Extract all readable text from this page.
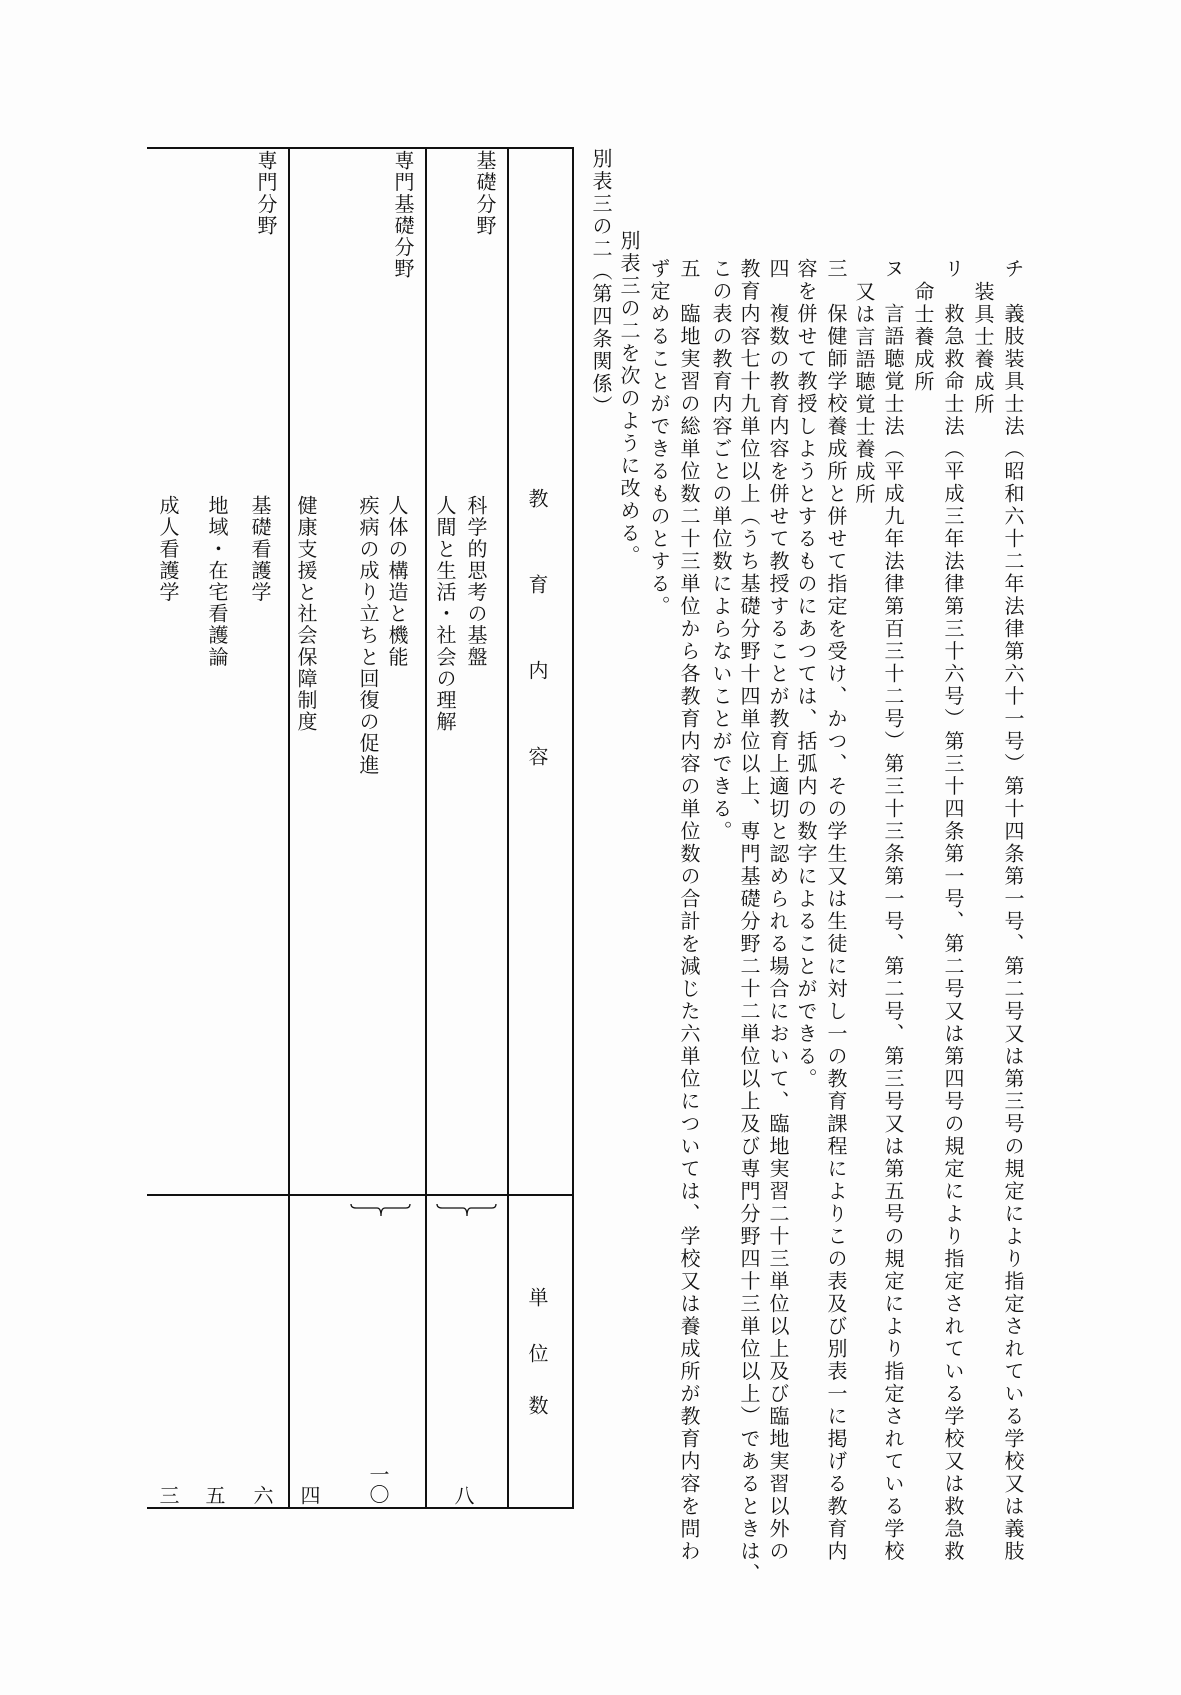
チ　義肢装具士法（昭和六十二年法律第六十一号）第十四条第一号、第二号又は第三号の規定により指定されている学校又は義肢
装具士養成所
リ　救急救命士法（平成三年法律第三十六号）第三十四条第一号、第二号又は第四号の規定により指定されている学校又は救急救
命士養成所
ヌ　言語聴覚士法（平成九年法律第百三十二号）第三十三条第一号、第二号、第三号又は第五号の規定により指定されている学校
又は言語聴覚士養成所
三　保健師学校養成所と併せて指定を受け、かつ、その学生又は生徒に対し一の教育課程によりこの表及び別表一に掲げる教育内
容を併せて教授しようとするものにあつては、括弧内の数字によることができる。
四　複数の教育内容を併せて教授することが教育上適切と認められる場合において、臨地実習二十三単位以上及び臨地実習以外の
教育内容七十九単位以上（うち基礎分野十四単位以上、専門基礎分野二十二単位以上及び専門分野四十三単位以上）であるときは、
この表の教育内容ごとの単位数によらないことができる。
五　臨地実習の総単位数二十三単位から各教育内容の単位数の合計を減じた六単位については、学校又は養成所が教育内容を問わ
ず定めることができるものとする。
別表三の二を次のように改める。
別表三の二（第四条関係）
教
育
内
容
単
位
数
基礎分野
科学的思考の基盤
人間と生活・社会の理解
八
専門基礎分野
人体の構造と機能
疾病の成り立ちと回復の促進
健康支援と社会保障制度
一〇
四
専門分野
基礎看護学
地域・在宅看護論
成人看護学
六
五
三
